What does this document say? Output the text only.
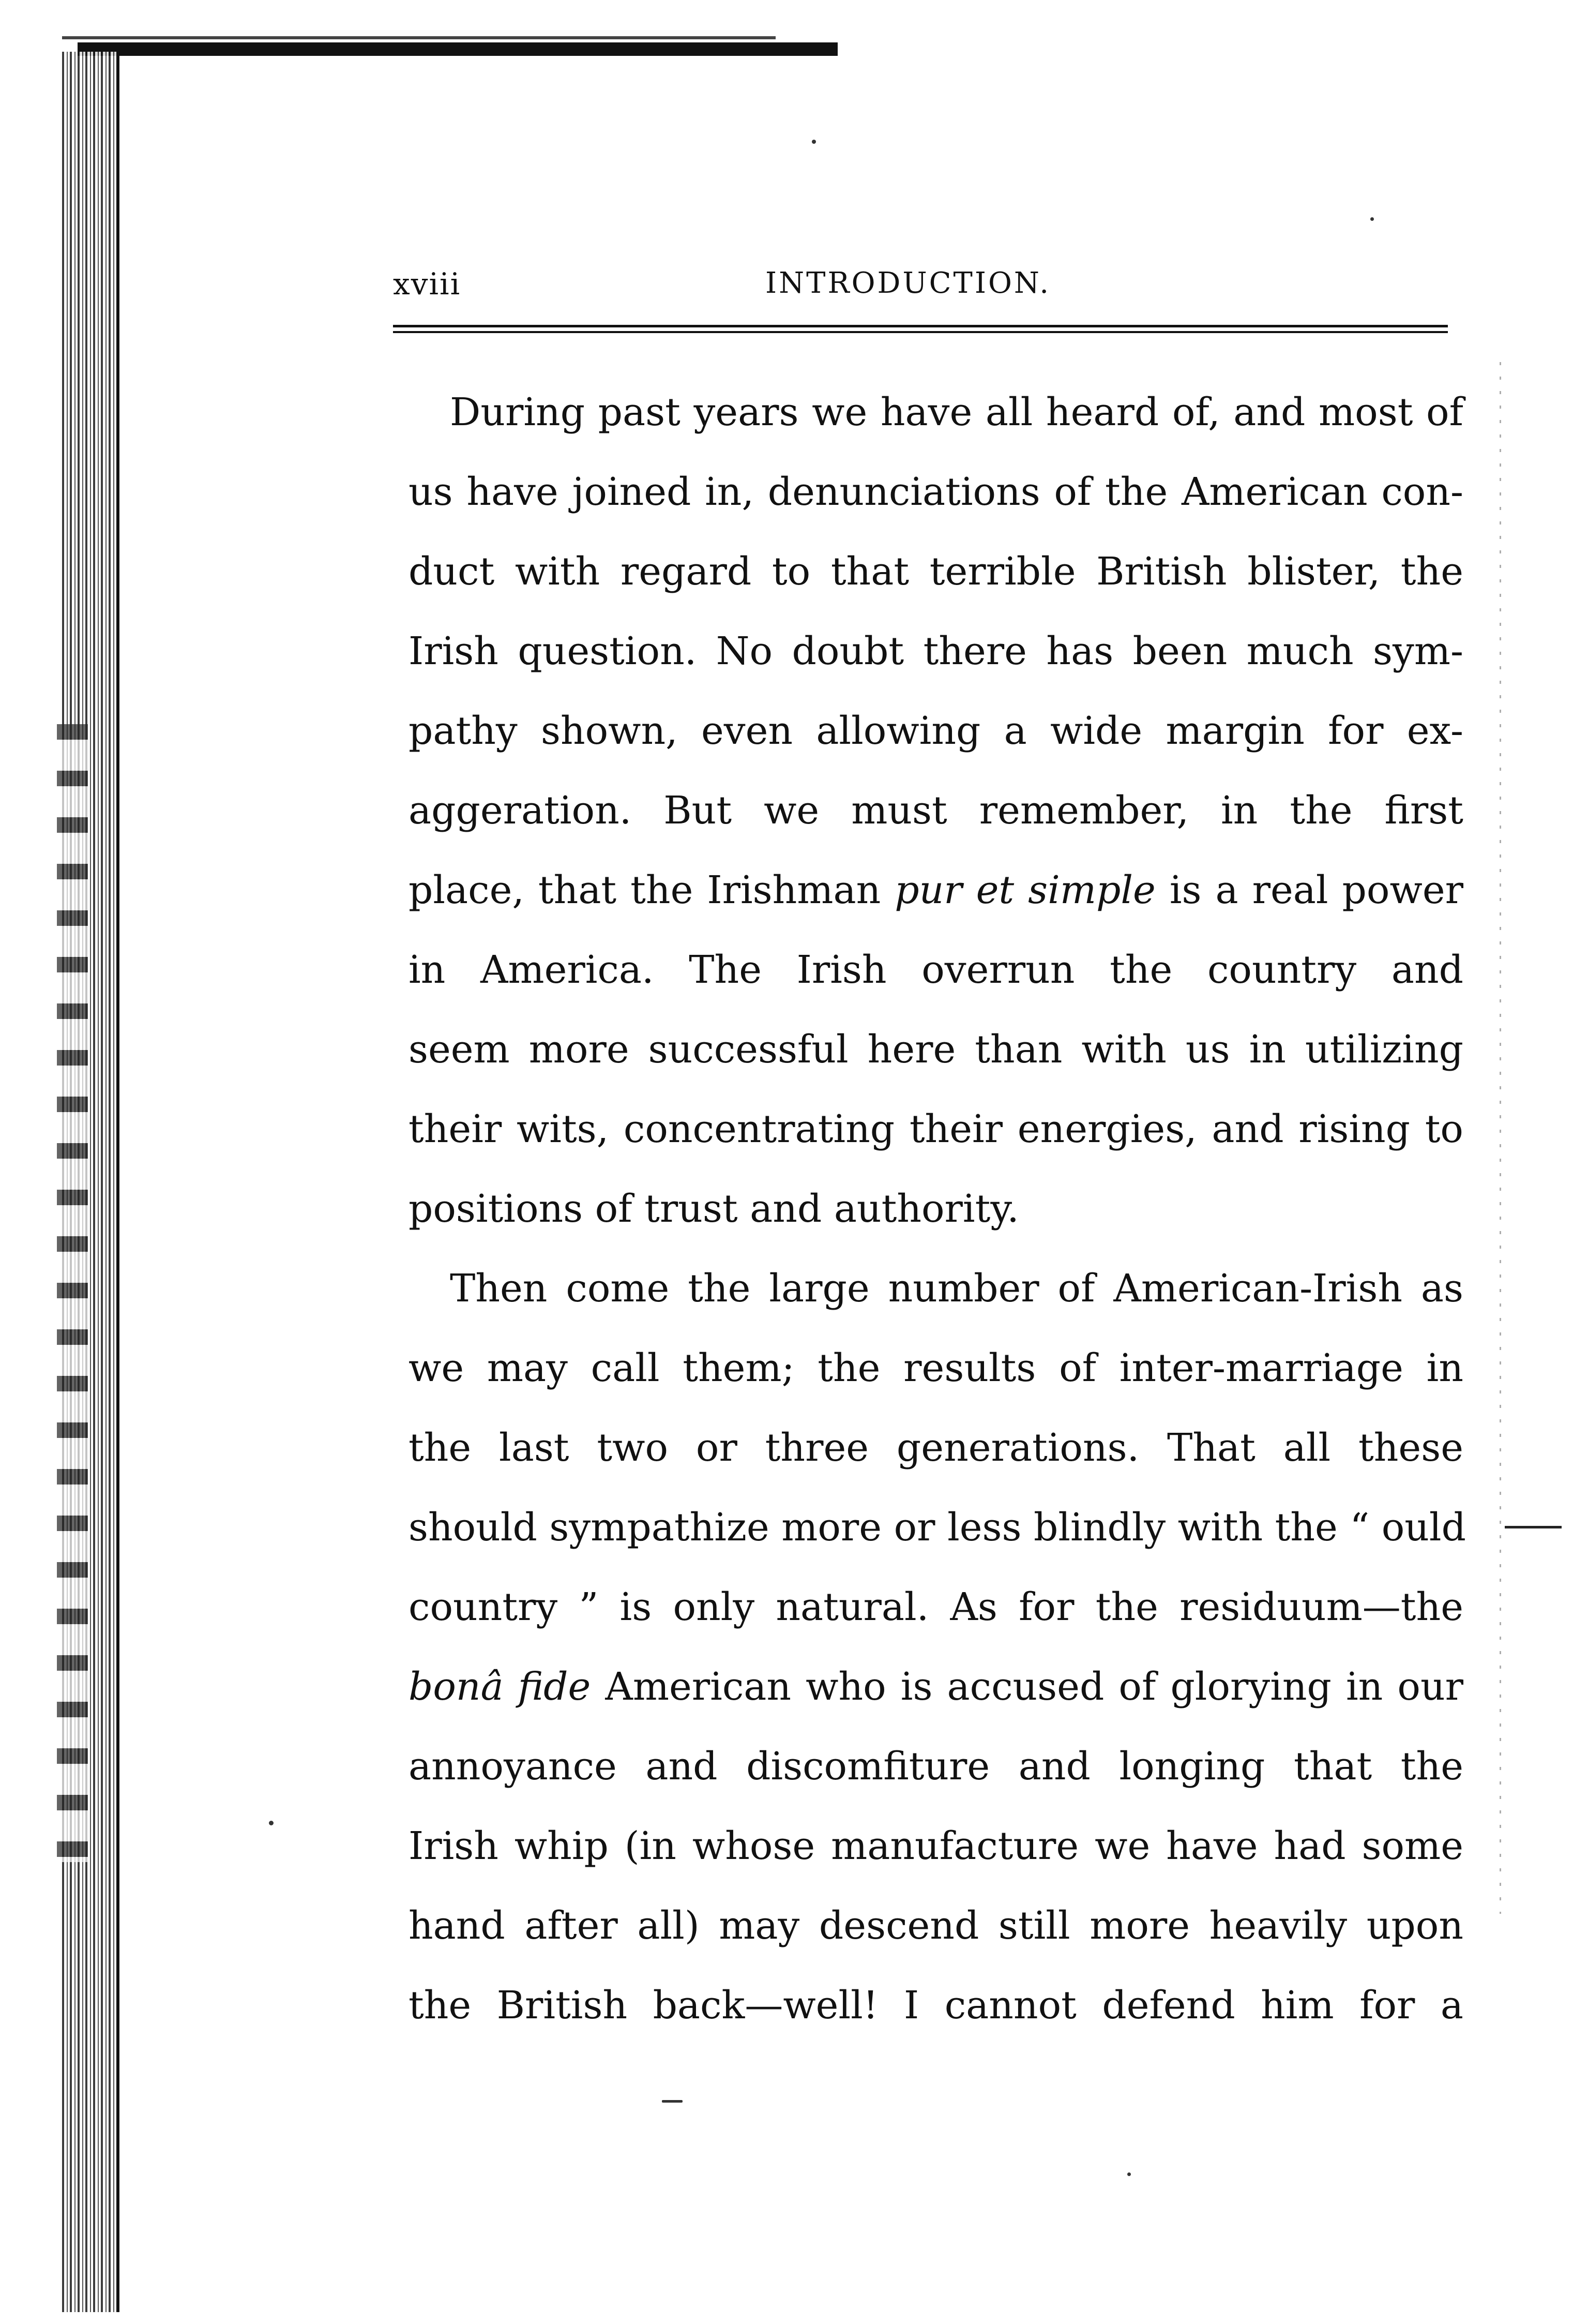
xviii	INTRODUCTION.
During past years we have all heard of, and most of
us have joined in, denunciations of the American con-
duct with regard to that terrible British blister, the
Irish question. No doubt there has been much sym-
pathy shown, even allowing a wide margin for ex-
aggeration. But we must remember, in the first
place, that the Irishman pur et simple is a real power
in America. The Irish overrun the country and
seem more successful here than with us in utilizing
their wits, concentrating their energies, and rising to
positions of trust and authority.
Then come the large number of American-Irish as
we may call them; the results of inter-marriage in
the last two or three generations. That all these
should sympathize more or less blindly with the “ ould
country ” is only natural. As for the residuum—the
bonâ fide American who is accused of glorying in our
annoyance and discomfiture and longing that the
Irish whip (in whose manufacture we have had some
hand after all) may descend still more heavily upon
the British back—well! I cannot defend him for a
